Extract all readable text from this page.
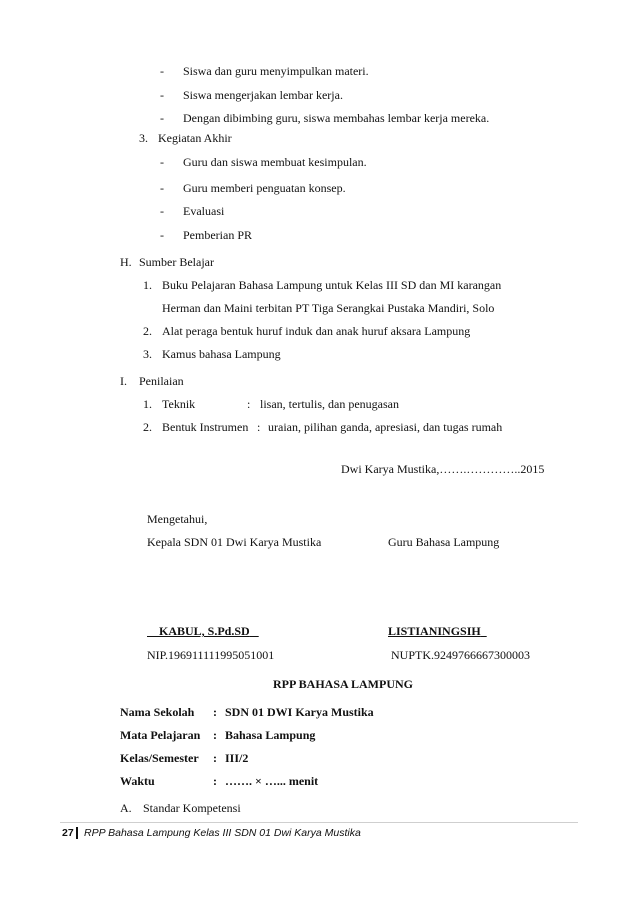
- Siswa dan guru menyimpulkan materi.
- Siswa mengerjakan lembar kerja.
- Dengan dibimbing guru, siswa membahas lembar kerja mereka.
3. Kegiatan Akhir
- Guru dan siswa membuat kesimpulan.
- Guru memberi penguatan konsep.
- Evaluasi
- Pemberian PR
H. Sumber Belajar
1. Buku Pelajaran Bahasa Lampung untuk Kelas III SD dan MI karangan
Herman dan Maini terbitan PT Tiga Serangkai Pustaka Mandiri, Solo
2. Alat peraga bentuk huruf induk dan anak huruf aksara Lampung
3. Kamus bahasa Lampung
I. Penilaian
1. Teknik	: lisan, tertulis, dan penugasan
2. Bentuk Instrumen : uraian, pilihan ganda, apresiasi, dan tugas rumah
Dwi Karya Mustika,…….…………..2015
Mengetahui,
Kepala SDN 01 Dwi Karya Mustika	Guru Bahasa Lampung
KABUL, S.Pd.SD	LISTIANINGSIH
NIP.196911111995051001	NUPTK.9249766667300003
RPP BAHASA LAMPUNG
Nama Sekolah : SDN 01 DWI Karya Mustika
Mata Pelajaran : Bahasa Lampung
Kelas/Semester : III/2
Waktu	: ……. × …... menit
A. Standar Kompetensi
27 RPP Bahasa Lampung Kelas III SDN 01 Dwi Karya Mustika
